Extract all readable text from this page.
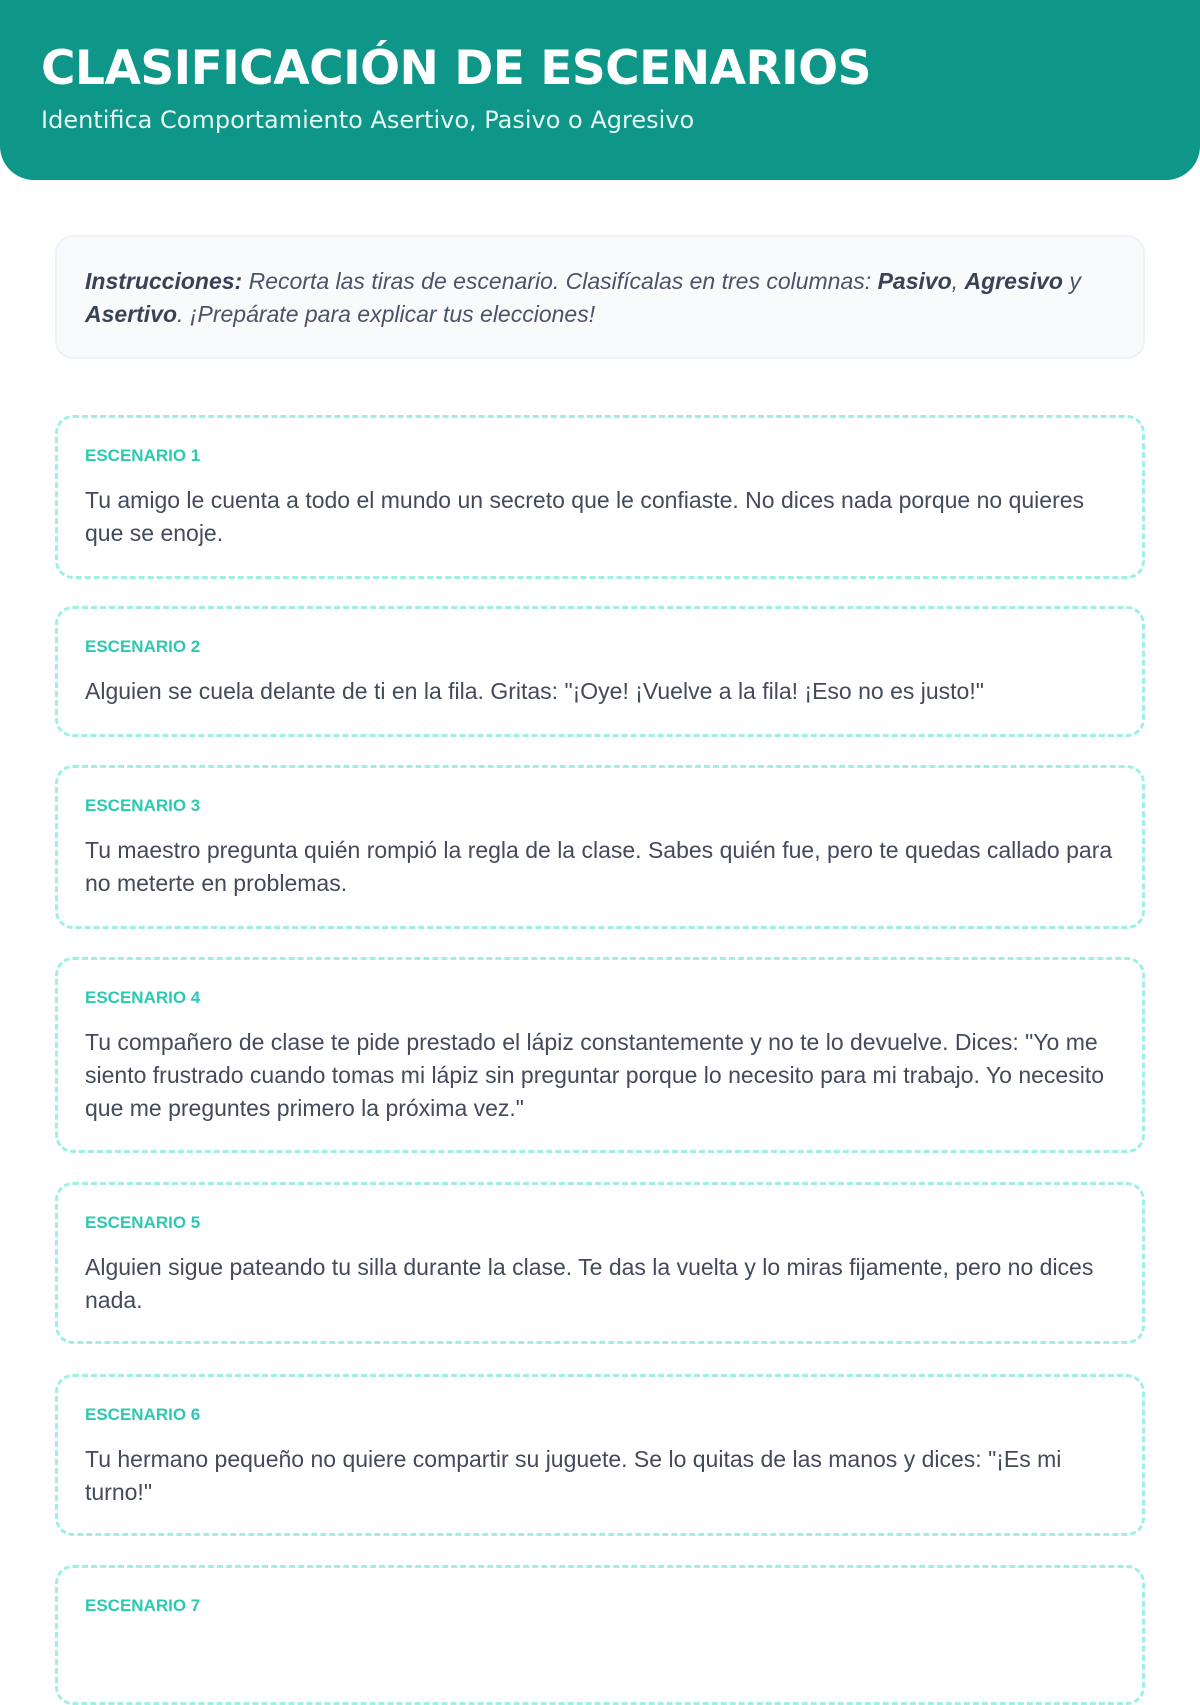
CLASIFICACIÓN DE ESCENARIOS

Identifica Comportamiento Asertivo, Pasivo o Agresivo

Instrucciones: Recorta las tiras de escenario. Clasifícalas en tres columnas: Pasivo, Agresivo y Asertivo. ¡Prepárate para explicar tus elecciones!
ESCENARIO 1
Tu amigo le cuenta a todo el mundo un secreto que le confiaste. No dices nada porque no quieres que se enoje.
ESCENARIO 2
Alguien se cuela delante de ti en la fila. Gritas: "¡Oye! ¡Vuelve a la fila! ¡Eso no es justo!"
ESCENARIO 3
Tu maestro pregunta quién rompió la regla de la clase. Sabes quién fue, pero te quedas callado para no meterte en problemas.
ESCENARIO 4
Tu compañero de clase te pide prestado el lápiz constantemente y no te lo devuelve. Dices: "Yo me siento frustrado cuando tomas mi lápiz sin preguntar porque lo necesito para mi trabajo. Yo necesito que me preguntes primero la próxima vez."
ESCENARIO 5
Alguien sigue pateando tu silla durante la clase. Te das la vuelta y lo miras fijamente, pero no dices nada.
ESCENARIO 6
Tu hermano pequeño no quiere compartir su juguete. Se lo quitas de las manos y dices: "¡Es mi turno!"
ESCENARIO 7
